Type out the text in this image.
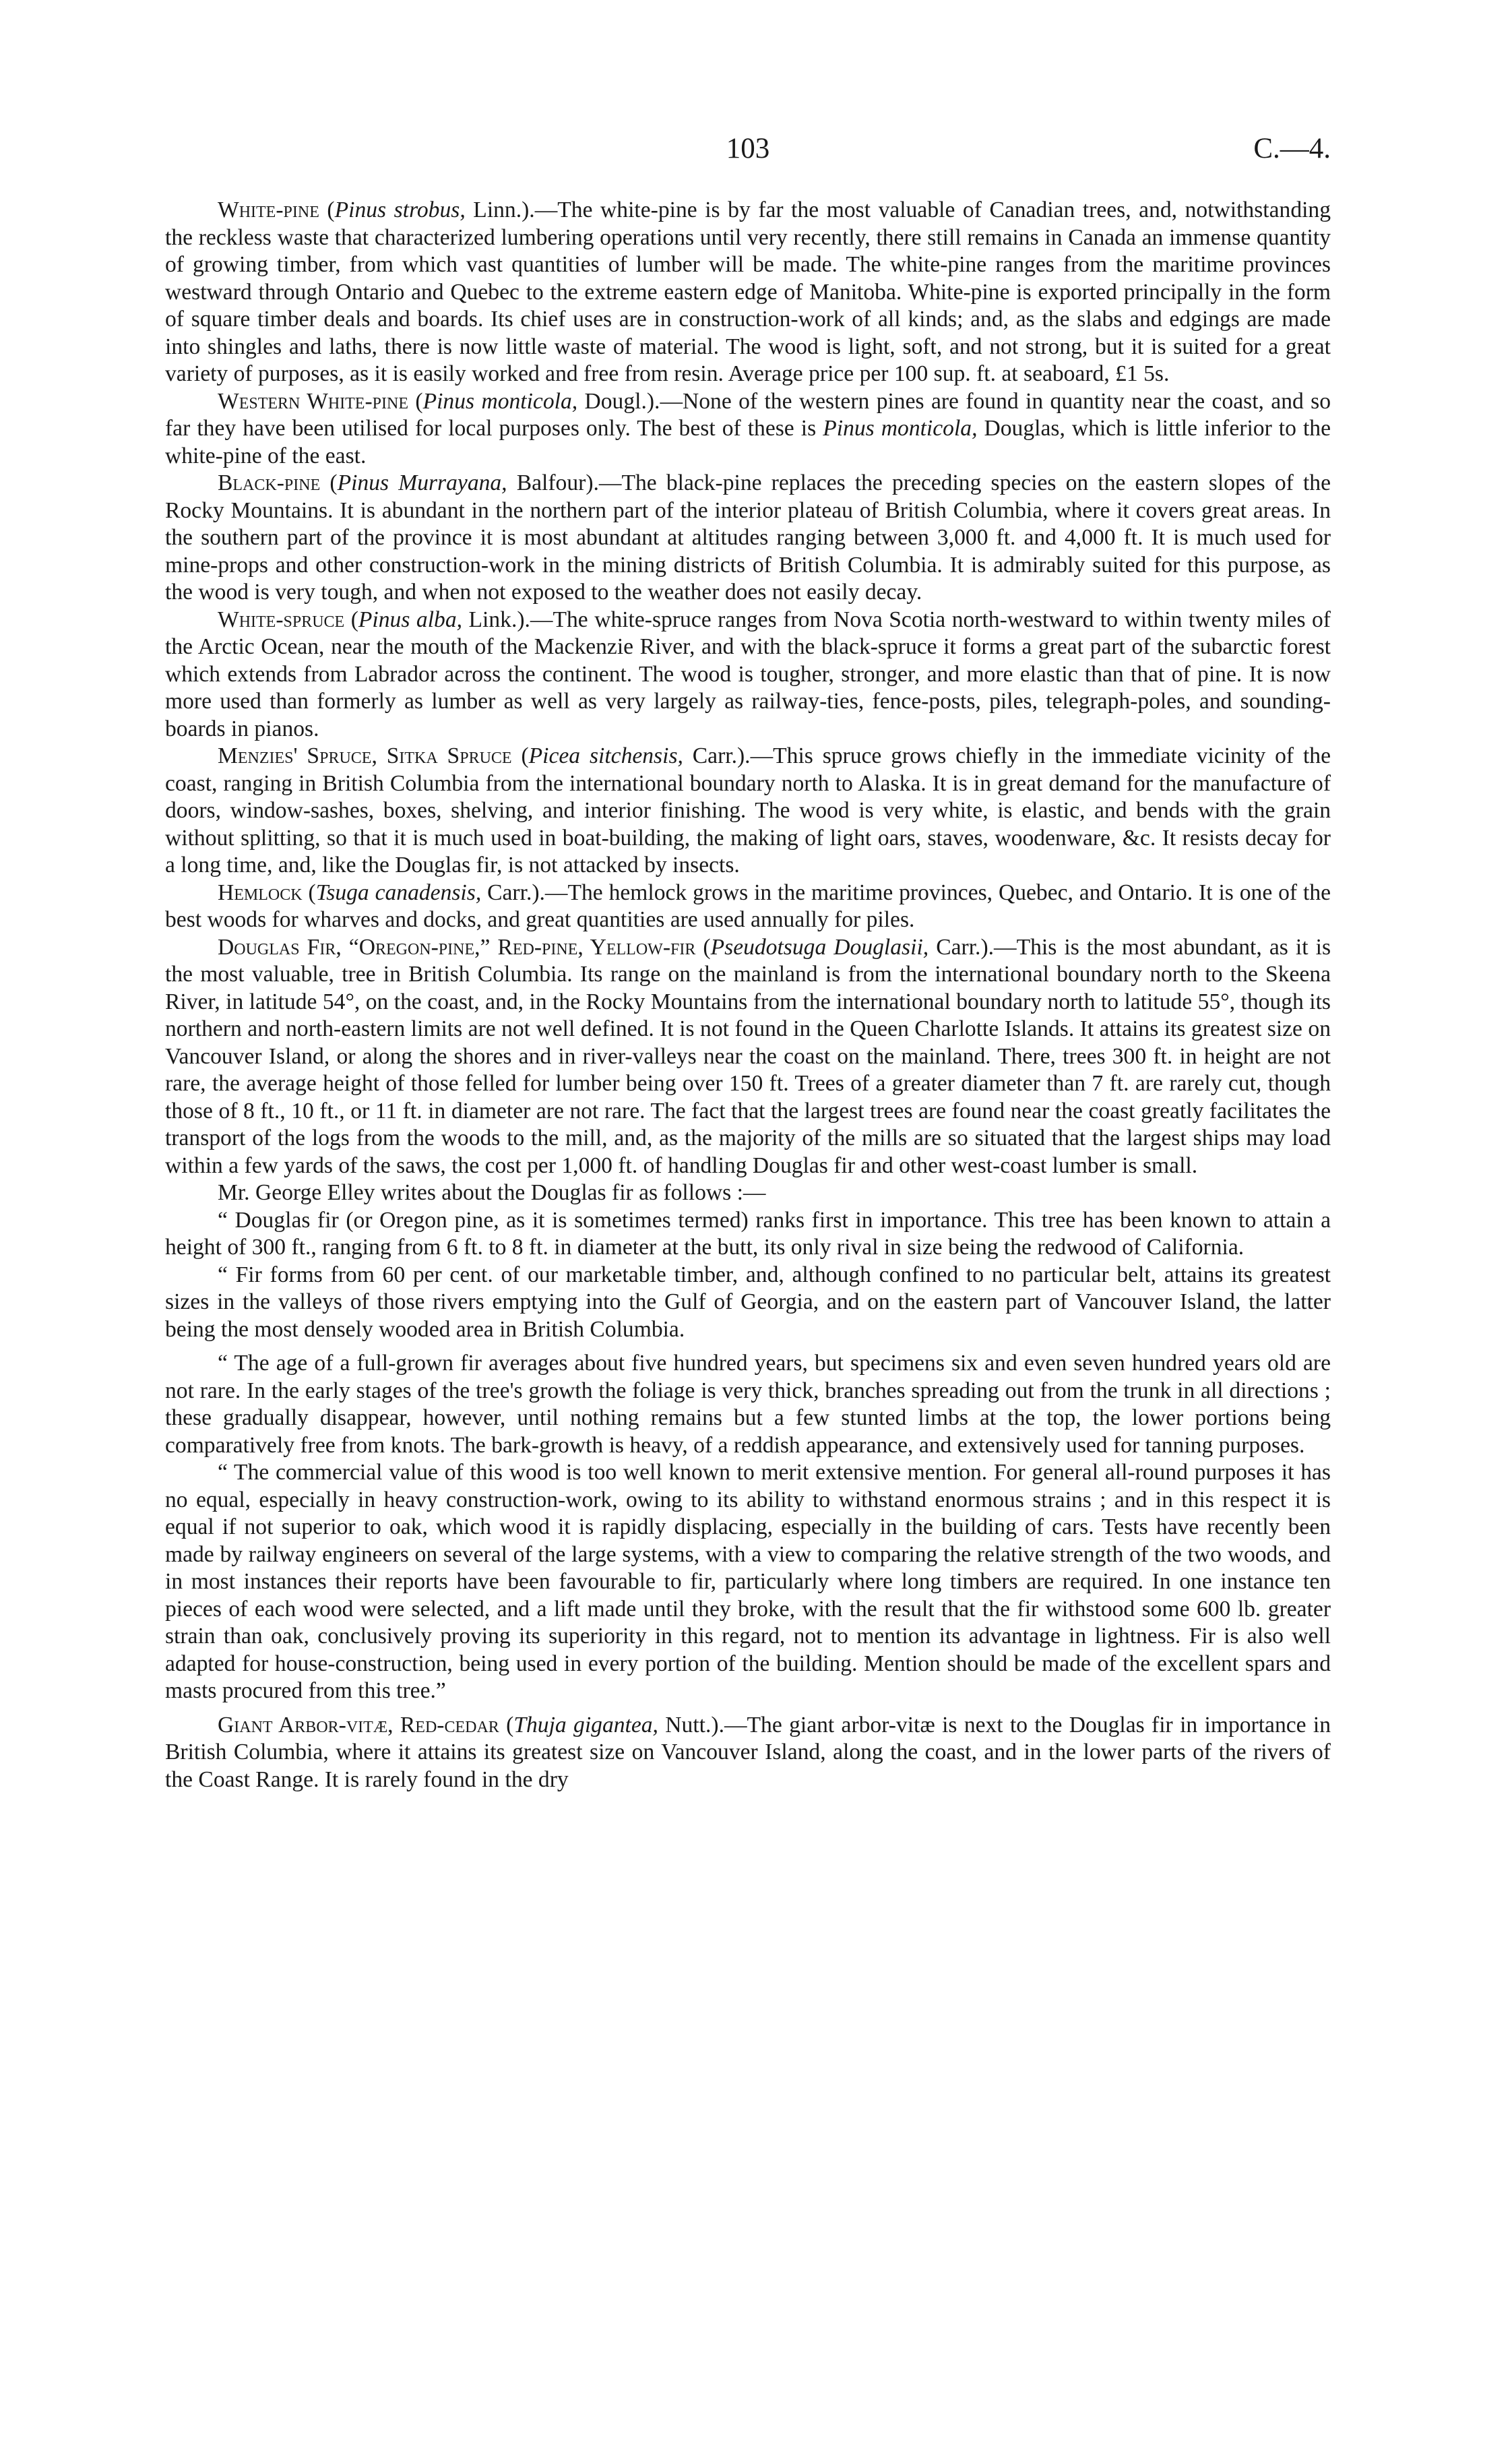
103	C.—4.

White-pine (Pinus strobus, Linn.).—The white-pine is by far the most valuable of Canadian trees, and, notwithstanding the reckless waste that characterized lumbering operations until very recently, there still remains in Canada an immense quantity of growing timber, from which vast quantities of lumber will be made. The white-pine ranges from the maritime provinces westward through Ontario and Quebec to the extreme eastern edge of Manitoba. White-pine is exported principally in the form of square timber deals and boards. Its chief uses are in construction-work of all kinds; and, as the slabs and edgings are made into shingles and laths, there is now little waste of material. The wood is light, soft, and not strong, but it is suited for a great variety of purposes, as it is easily worked and free from resin. Average price per 100 sup. ft. at seaboard, £1 5s.

Western White-pine (Pinus monticola, Dougl.).—None of the western pines are found in quantity near the coast, and so far they have been utilised for local purposes only. The best of these is Pinus monticola, Douglas, which is little inferior to the white-pine of the east.

Black-pine (Pinus Murrayana, Balfour).—The black-pine replaces the preceding species on the eastern slopes of the Rocky Mountains. It is abundant in the northern part of the interior plateau of British Columbia, where it covers great areas. In the southern part of the province it is most abundant at altitudes ranging between 3,000 ft. and 4,000 ft. It is much used for mine-props and other construction-work in the mining districts of British Columbia. It is admirably suited for this purpose, as the wood is very tough, and when not exposed to the weather does not easily decay.

White-spruce (Pinus alba, Link.).—The white-spruce ranges from Nova Scotia north-westward to within twenty miles of the Arctic Ocean, near the mouth of the Mackenzie River, and with the black-spruce it forms a great part of the subarctic forest which extends from Labrador across the continent. The wood is tougher, stronger, and more elastic than that of pine. It is now more used than formerly as lumber as well as very largely as railway-ties, fence-posts, piles, telegraph-poles, and sounding-boards in pianos.

Menzies' Spruce, Sitka Spruce (Picea sitchensis, Carr.).—This spruce grows chiefly in the immediate vicinity of the coast, ranging in British Columbia from the international boundary north to Alaska. It is in great demand for the manufacture of doors, window-sashes, boxes, shelving, and interior finishing. The wood is very white, is elastic, and bends with the grain without splitting, so that it is much used in boat-building, the making of light oars, staves, woodenware, &c. It resists decay for a long time, and, like the Douglas fir, is not attacked by insects.

Hemlock (Tsuga canadensis, Carr.).—The hemlock grows in the maritime provinces, Quebec, and Ontario. It is one of the best woods for wharves and docks, and great quantities are used annually for piles.

Douglas Fir, “Oregon-pine,” Red-pine, Yellow-fir (Pseudotsuga Douglasii, Carr.).—This is the most abundant, as it is the most valuable, tree in British Columbia. Its range on the mainland is from the international boundary north to the Skeena River, in latitude 54°, on the coast, and, in the Rocky Mountains from the international boundary north to latitude 55°, though its northern and north-eastern limits are not well defined. It is not found in the Queen Charlotte Islands. It attains its greatest size on Vancouver Island, or along the shores and in river-valleys near the coast on the mainland. There, trees 300 ft. in height are not rare, the average height of those felled for lumber being over 150 ft. Trees of a greater diameter than 7 ft. are rarely cut, though those of 8 ft., 10 ft., or 11 ft. in diameter are not rare. The fact that the largest trees are found near the coast greatly facilitates the transport of the logs from the woods to the mill, and, as the majority of the mills are so situated that the largest ships may load within a few yards of the saws, the cost per 1,000 ft. of handling Douglas fir and other west-coast lumber is small.

Mr. George Elley writes about the Douglas fir as follows :—

“ Douglas fir (or Oregon pine, as it is sometimes termed) ranks first in importance. This tree has been known to attain a height of 300 ft., ranging from 6 ft. to 8 ft. in diameter at the butt, its only rival in size being the redwood of California.

“ Fir forms from 60 per cent. of our marketable timber, and, although confined to no particular belt, attains its greatest sizes in the valleys of those rivers emptying into the Gulf of Georgia, and on the eastern part of Vancouver Island, the latter being the most densely wooded area in British Columbia.

“ The age of a full-grown fir averages about five hundred years, but specimens six and even seven hundred years old are not rare. In the early stages of the tree's growth the foliage is very thick, branches spreading out from the trunk in all directions ; these gradually disappear, however, until nothing remains but a few stunted limbs at the top, the lower portions being comparatively free from knots. The bark-growth is heavy, of a reddish appearance, and extensively used for tanning purposes.

“ The commercial value of this wood is too well known to merit extensive mention. For general all-round purposes it has no equal, especially in heavy construction-work, owing to its ability to withstand enormous strains ; and in this respect it is equal if not superior to oak, which wood it is rapidly displacing, especially in the building of cars. Tests have recently been made by railway engineers on several of the large systems, with a view to comparing the relative strength of the two woods, and in most instances their reports have been favourable to fir, particularly where long timbers are required. In one instance ten pieces of each wood were selected, and a lift made until they broke, with the result that the fir withstood some 600 lb. greater strain than oak, conclusively proving its superiority in this regard, not to mention its advantage in lightness. Fir is also well adapted for house-construction, being used in every portion of the building. Mention should be made of the excellent spars and masts procured from this tree.”

Giant Arbor-vitæ, Red-cedar (Thuja gigantea, Nutt.).—The giant arbor-vitæ is next to the Douglas fir in importance in British Columbia, where it attains its greatest size on Vancouver Island, along the coast, and in the lower parts of the rivers of the Coast Range. It is rarely found in the dry
